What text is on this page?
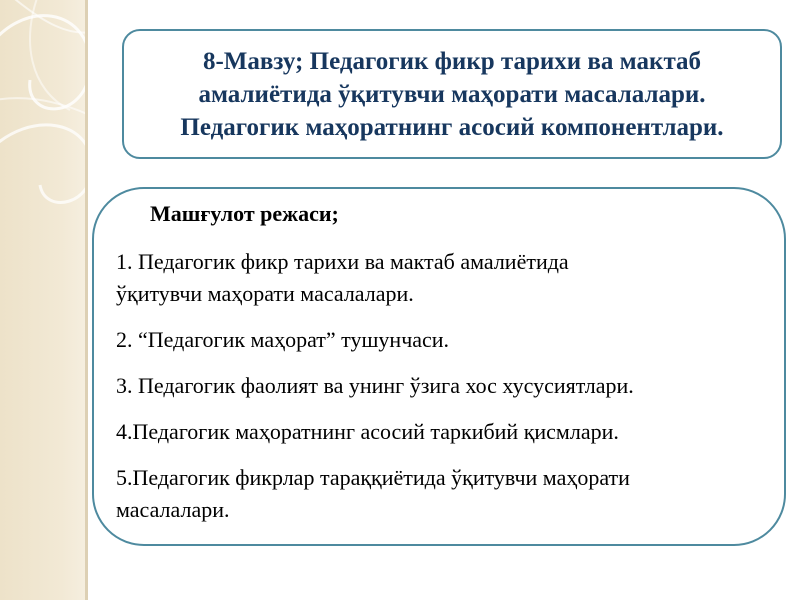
8-Мавзу; Педагогик фикр тарихи ва мактаб
амалиётида ўқитувчи маҳорати масалалари.
Педагогик маҳоратнинг асосий компонентлари.
Машғулот режаси;
1. Педагогик фикр тарихи ва мактаб амалиётида
ўқитувчи маҳорати масалалари.
2. “Педагогик маҳорат” тушунчаси.
3. Педагогик фаолият ва унинг ўзига хос хусусиятлари.
4.Педагогик маҳоратнинг асосий таркибий қисмлари.
5.Педагогик фикрлар тараққиётида ўқитувчи маҳорати
масалалари.
